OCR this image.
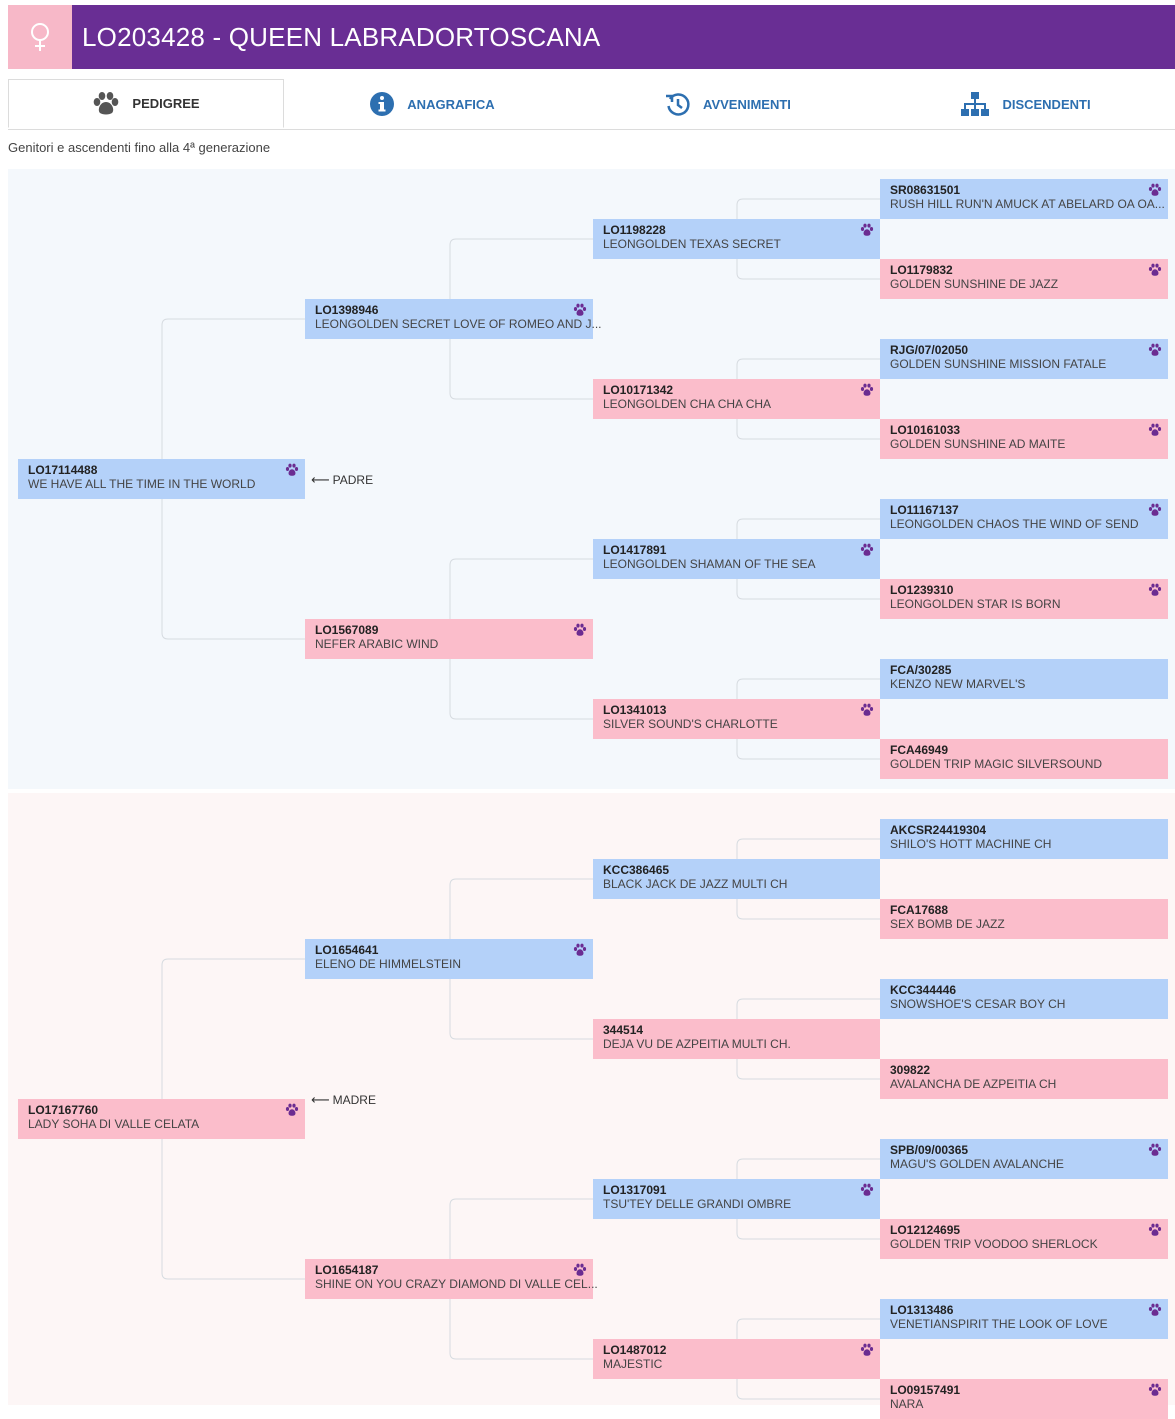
LO203428 - QUEEN LABRADORTOSCANA
PEDIGREE	ANAGRAFICA	AVVENIMENTI	DISCENDENTI
Genitori e ascendenti fino alla 4ª generazione
LO17114488
WE HAVE ALL THE TIME IN THE WORLD
LO17167760
LADY SOHA DI VALLE CELATA
LO1398946
LEONGOLDEN SECRET LOVE OF ROMEO AND J...
LO1567089
NEFER ARABIC WIND
LO1654641
ELENO DE HIMMELSTEIN
LO1654187
SHINE ON YOU CRAZY DIAMOND DI VALLE CEL...
LO1198228
LEONGOLDEN TEXAS SECRET
LO10171342
LEONGOLDEN CHA CHA CHA
LO1417891
LEONGOLDEN SHAMAN OF THE SEA
LO1341013
SILVER SOUND'S CHARLOTTE
KCC386465
BLACK JACK DE JAZZ MULTI CH
344514
DEJA VU DE AZPEITIA MULTI CH.
LO1317091
TSU'TEY DELLE GRANDI OMBRE
LO1487012
MAJESTIC
SR08631501
RUSH HILL RUN'N AMUCK AT ABELARD OA OA...
LO1179832
GOLDEN SUNSHINE DE JAZZ
RJG/07/02050
GOLDEN SUNSHINE MISSION FATALE
LO10161033
GOLDEN SUNSHINE AD MAITE
LO11167137
LEONGOLDEN CHAOS THE WIND OF SEND
LO1239310
LEONGOLDEN STAR IS BORN
FCA/30285
KENZO NEW MARVEL'S
FCA46949
GOLDEN TRIP MAGIC SILVERSOUND
AKCSR24419304
SHILO'S HOTT MACHINE CH
FCA17688
SEX BOMB DE JAZZ
KCC344446
SNOWSHOE'S CESAR BOY CH
309822
AVALANCHA DE AZPEITIA CH
SPB/09/00365
MAGU'S GOLDEN AVALANCHE
LO12124695
GOLDEN TRIP VOODOO SHERLOCK
LO1313486
VENETIANSPIRIT THE LOOK OF LOVE
LO09157491
NARA
⟵ PADRE
⟵ MADRE
